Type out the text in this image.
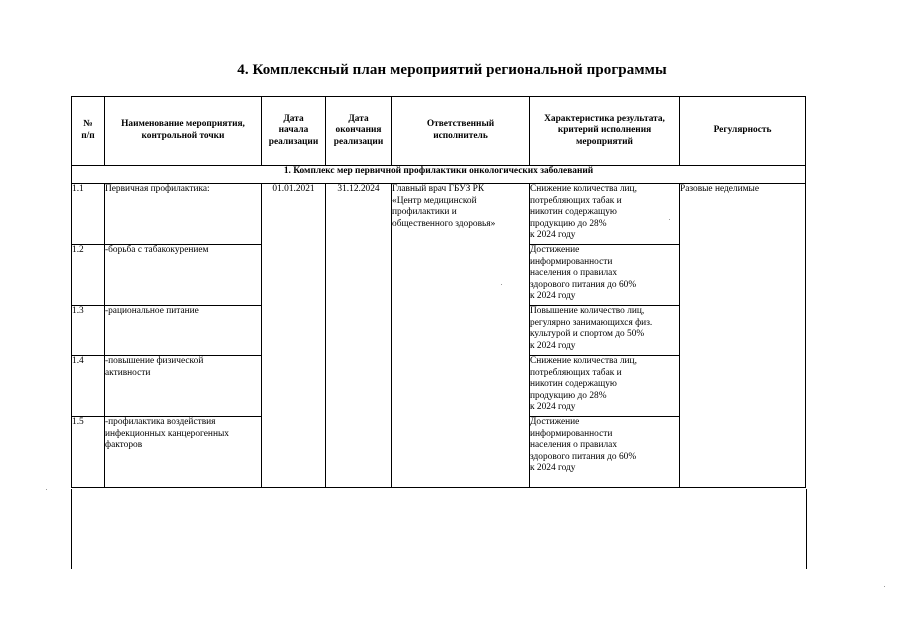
4. Комплексный план мероприятий региональной программы
№
п/п	Наименование мероприятия,
контрольной точки	Дата
начала
реализации	Дата
окончания
реализации	Ответственный
исполнитель	Характеристика результата,
критерий исполнения
мероприятий	Регулярность
1. Комплекс мер первичной профилактики онкологических заболеваний						
1.1	Первичная профилактика:	01.01.2021	31.12.2024	Главный врач ГБУЗ РК
«Центр медицинской
профилактики и
общественного здоровья»	Снижение количества лиц,
потребляющих табак и
никотин содержащую
продукцию до 28%
к 2024 году	Разовые неделимые
1.2	-борьба с табакокурением				Достижение
информированности
населения о правилах
здорового питания до 60%
к 2024 году	
1.3	-рациональное питание				Повышение количество лиц,
регулярно занимающихся физ.
культурой и спортом до 50%
к 2024 году	
1.4	-повышение физической
активности				Снижение количества лиц,
потребляющих табак и
никотин содержащую
продукцию до 28%
к 2024 году	
1.5	-профилактика воздействия
инфекционных канцерогенных
факторов				Достижение
информированности
населения о правилах
здорового питания до 60%
к 2024 году	
